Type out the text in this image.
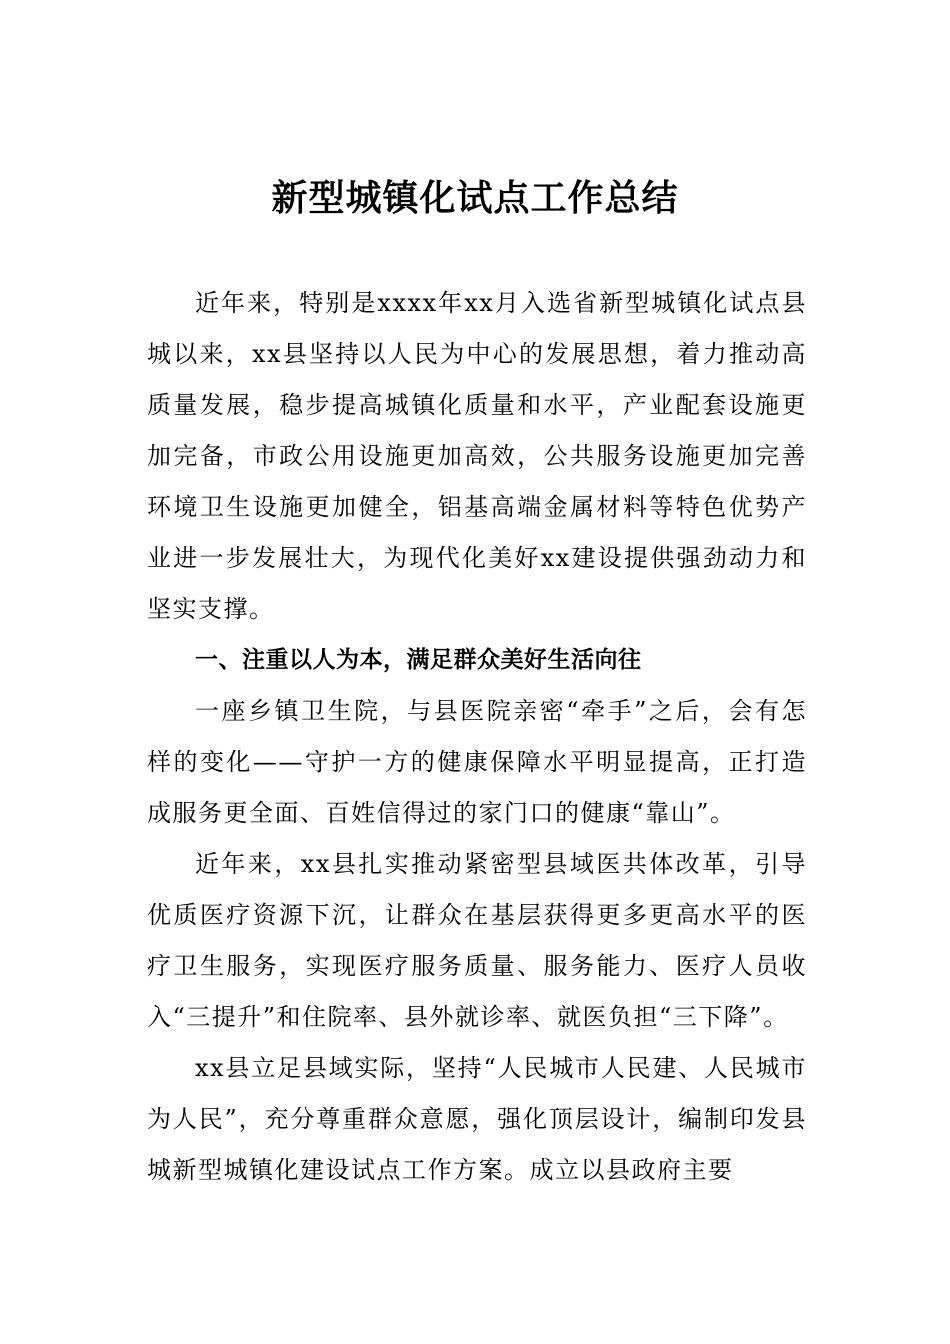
新型城镇化试点工作总结

近年来，特别是xxxx年xx月入选省新型城镇化试点县城以来，xx县坚持以人民为中心的发展思想，着力推动高质量发展，稳步提高城镇化质量和水平，产业配套设施更加完备，市政公用设施更加高效，公共服务设施更加完善环境卫生设施更加健全，铝基高端金属材料等特色优势产业进一步发展壮大，为现代化美好xx建设提供强劲动力和坚实支撑。

一、注重以人为本，满足群众美好生活向往

一座乡镇卫生院，与县医院亲密“牵手”之后，会有怎样的变化——守护一方的健康保障水平明显提高，正打造成服务更全面、百姓信得过的家门口的健康“靠山”。

近年来，xx县扎实推动紧密型县域医共体改革，引导优质医疗资源下沉，让群众在基层获得更多更高水平的医疗卫生服务，实现医疗服务质量、服务能力、医疗人员收入“三提升”和住院率、县外就诊率、就医负担“三下降”。

xx县立足县域实际，坚持“人民城市人民建、人民城市为人民”，充分尊重群众意愿，强化顶层设计，编制印发县城新型城镇化建设试点工作方案。成立以县政府主要
